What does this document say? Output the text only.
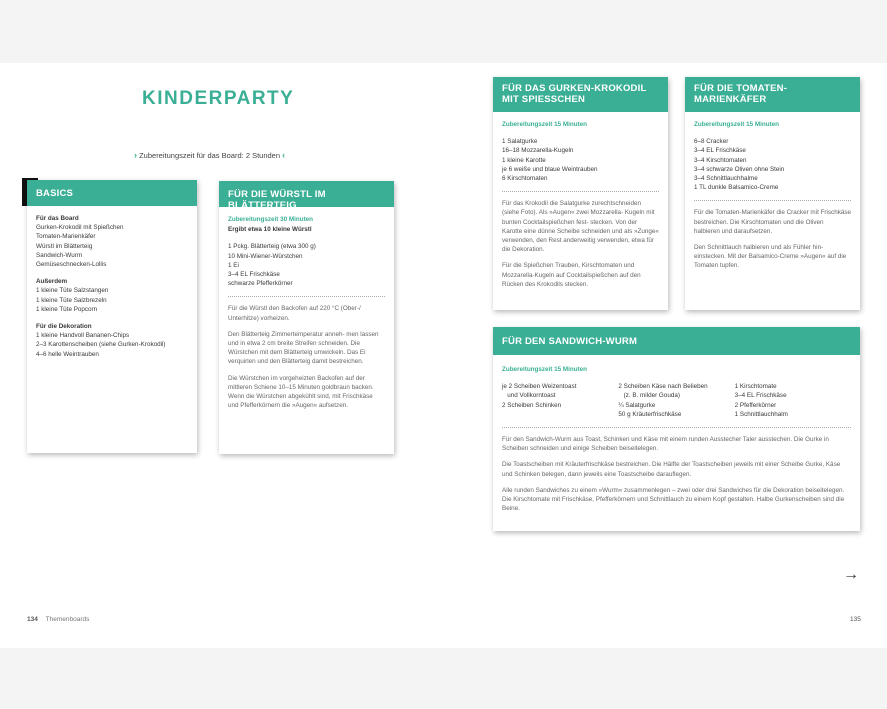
KINDERPARTY
› Zubereitungszeit für das Board: 2 Stunden ‹
BASICS
Für das Board
Gurken-Krokodil mit Spießchen
Tomaten-Marienkäfer
Würstl im Blätterteig
Sandwich-Wurm
Gemüseschnecken-Lollis
Außerdem
1 kleine Tüte Salzstangen
1 kleine Tüte Salzbrezeln
1 kleine Tüte Popcorn
Für die Dekoration
1 kleine Handvoll Bananen-Chips
2–3 Karottenscheiben (siehe Gurken-Krokodil)
4–6 helle Weintrauben
FÜR DIE WÜRSTL IM BLÄTTERTEIG
Zubereitungszeit 30 Minuten
Ergibt etwa 10 kleine Würstl
1 Pckg. Blätterteig (etwa 300 g)
10 Mini-Wiener-Würstchen
1 Ei
3–4 EL Frischkäse
schwarze Pfefferkörner
Für die Würstl den Backofen auf 220 °C (Ober-/ Unterhitze) vorheizen.
Den Blätterteig Zimmertemperatur anneh- men lassen und in etwa 2 cm breite Streifen schneiden. Die Würstchen mit dem Blätterteig umwickeln. Das Ei verquirlen und den Blätterteig damit bestreichen.
Die Würstchen im vorgeheizten Backofen auf der mittleren Schiene 10–15 Minuten goldbraun backen. Wenn die Würstchen abgekühlt sind, mit Frischkäse und Pfefferkörnern die »Augen« aufsetzen.
FÜR DAS GURKEN-KROKODIL MIT SPIESSCHEN
Zubereitungszeit 15 Minuten
1 Salatgurke
16–18 Mozzarella-Kugeln
1 kleine Karotte
je 6 weiße und blaue Weintrauben
6 Kirschtomaten
Für das Krokodil die Salatgurke zurechtschneiden (siehe Foto). Als »Augen« zwei Mozzarella- Kugeln mit bunten Cocktailspießchen fest- stecken. Von der Karotte eine dünne Scheibe schneiden und als »Zunge« verwenden, den Rest anderweitig verwenden, etwa für die Dekoration.
Für die Spießchen Trauben, Kirschtomaten und Mozzarella-Kugeln auf Cocktailspießchen auf den Rücken des Krokodils stecken.
FÜR DIE TOMATEN- MARIENKÄFER
Zubereitungszeit 15 Minuten
6–8 Cracker
3–4 EL Frischkäse
3–4 Kirschtomaten
3–4 schwarze Oliven ohne Stein
3–4 Schnittlauchhalme
1 TL dunkle Balsamico-Creme
Für die Tomaten-Marienkäfer die Cracker mit Frischkäse bestreichen. Die Kirschtomaten und die Oliven halbieren und daraufsetzen.
Den Schnittlauch halbieren und als Fühler hin- einstecken. Mit der Balsamico-Creme »Augen« auf die Tomaten tupfen.
FÜR DEN SANDWICH-WURM
Zubereitungszeit 15 Minuten
je 2 Scheiben Weizentoast
und Vollkorntoast
2 Scheiben Schinken
2 Scheiben Käse nach Belieben
(z. B. milder Gouda)
¼ Salatgurke
50 g Kräuterfrischkäse
1 Kirschtomate
3–4 EL Frischkäse
2 Pfefferkörner
1 Schnittlauchhalm
Für den Sandwich-Wurm aus Toast, Schinken und Käse mit einem runden Ausstecher Taler ausstechen. Die Gurke in Scheiben schneiden und einige Scheiben beiseitelegen.
Die Toastscheiben mit Kräuterfrischkäse bestreichen. Die Hälfte der Toastscheiben jeweils mit einer Scheibe Gurke, Käse und Schinken belegen, dann jeweils eine Toastscheibe darauflegen.
Alle runden Sandwiches zu einem »Wurm« zusammenlegen – zwei oder drei Sandwiches für die Dekoration beiseitelegen. Die Kirschtomate mit Frischkäse, Pfefferkörnern und Schnittlauch zu einem Kopf gestalten. Halbe Gurkenscheiben sind die Beine.
134 Themenboards	135
→
